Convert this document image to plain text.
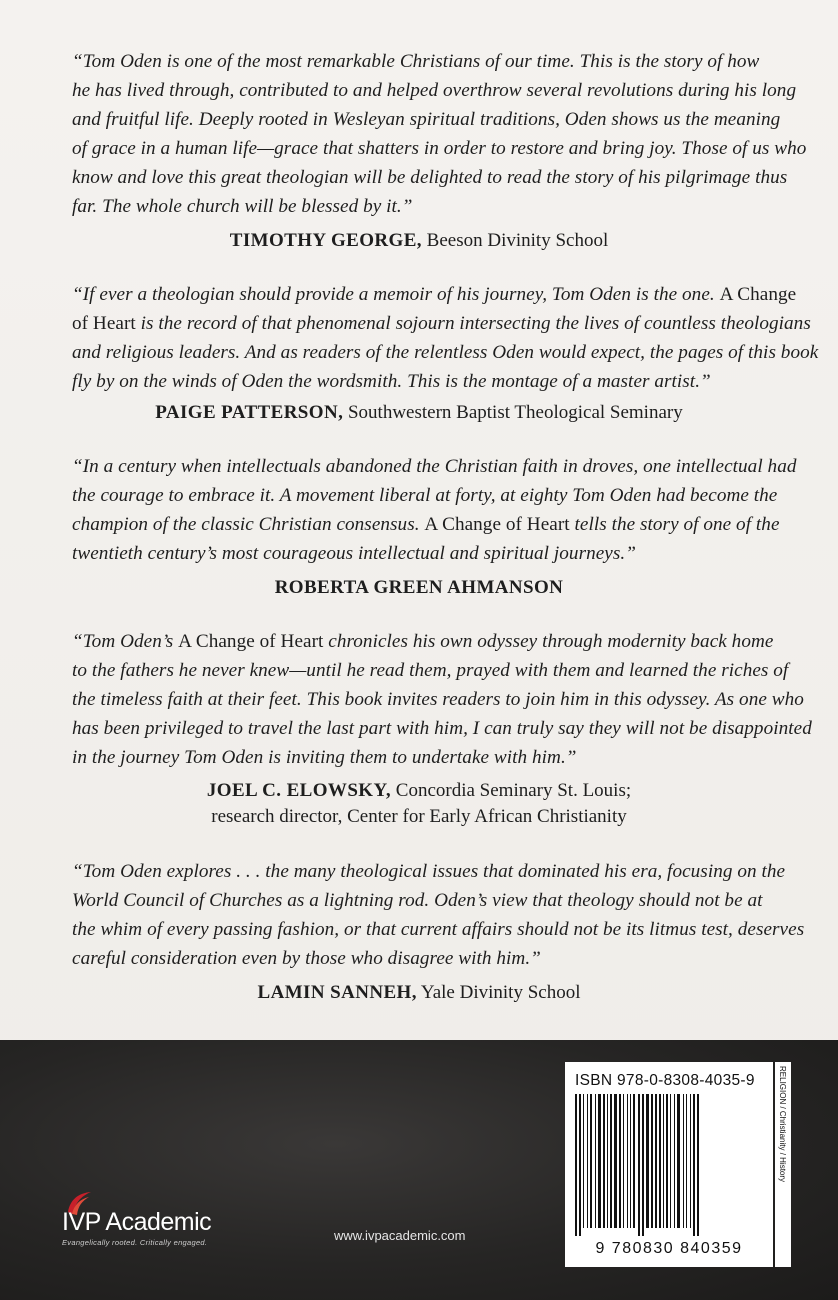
“Tom Oden is one of the most remarkable Christians of our time. This is the story of how
he has lived through, contributed to and helped overthrow several revolutions during his long
and fruitful life. Deeply rooted in Wesleyan spiritual traditions, Oden shows us the meaning
of grace in a human life—grace that shatters in order to restore and bring joy. Those of us who
know and love this great theologian will be delighted to read the story of his pilgrimage thus
far. The whole church will be blessed by it.”

TIMOTHY GEORGE, Beeson Divinity School

“If ever a theologian should provide a memoir of his journey, Tom Oden is the one. A Change
of Heart is the record of that phenomenal sojourn intersecting the lives of countless theologians
and religious leaders. And as readers of the relentless Oden would expect, the pages of this book
fly by on the winds of Oden the wordsmith. This is the montage of a master artist.”

PAIGE PATTERSON, Southwestern Baptist Theological Seminary

“In a century when intellectuals abandoned the Christian faith in droves, one intellectual had
the courage to embrace it. A movement liberal at forty, at eighty Tom Oden had become the
champion of the classic Christian consensus. A Change of Heart tells the story of one of the
twentieth century’s most courageous intellectual and spiritual journeys.”

ROBERTA GREEN AHMANSON

“Tom Oden’s A Change of Heart chronicles his own odyssey through modernity back home
to the fathers he never knew—until he read them, prayed with them and learned the riches of
the timeless faith at their feet. This book invites readers to join him in this odyssey. As one who
has been privileged to travel the last part with him, I can truly say they will not be disappointed
in the journey Tom Oden is inviting them to undertake with him.”

JOEL C. ELOWSKY, Concordia Seminary St. Louis;
research director, Center for Early African Christianity

“Tom Oden explores . . . the many theological issues that dominated his era, focusing on the
World Council of Churches as a lightning rod. Oden’s view that theology should not be at
the whim of every passing fashion, or that current affairs should not be its litmus test, deserves
careful consideration even by those who disagree with him.”

LAMIN SANNEH, Yale Divinity School

IVP Academic
Evangelically rooted. Critically engaged.	www.ivpacademic.com
ISBN 978-0-8308-4035-9
9 780830 840359
RELIGION / Christianity / History
